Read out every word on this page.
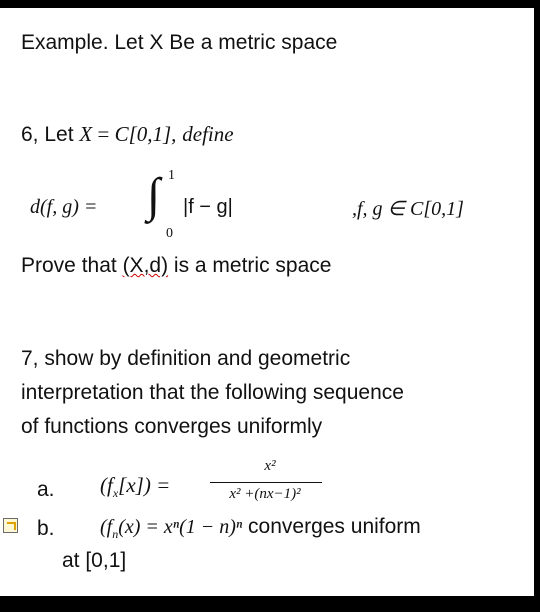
Example. Let X Be a metric space
6, Let X = C[0,1], define
d(f, g) = ∫ 1
0
|f − g|	,f, g ∈ C[0,1]
Prove that (X,d) is a metric space
7, show by definition and geometric
interpretation that the following sequence
of functions converges uniformly
a. $(f_x[x])$ =
x²
x² +(nx−1)²
b. ($f_n(x) = x^n(1 - n)^n$ converges uniform
at [0,1]
